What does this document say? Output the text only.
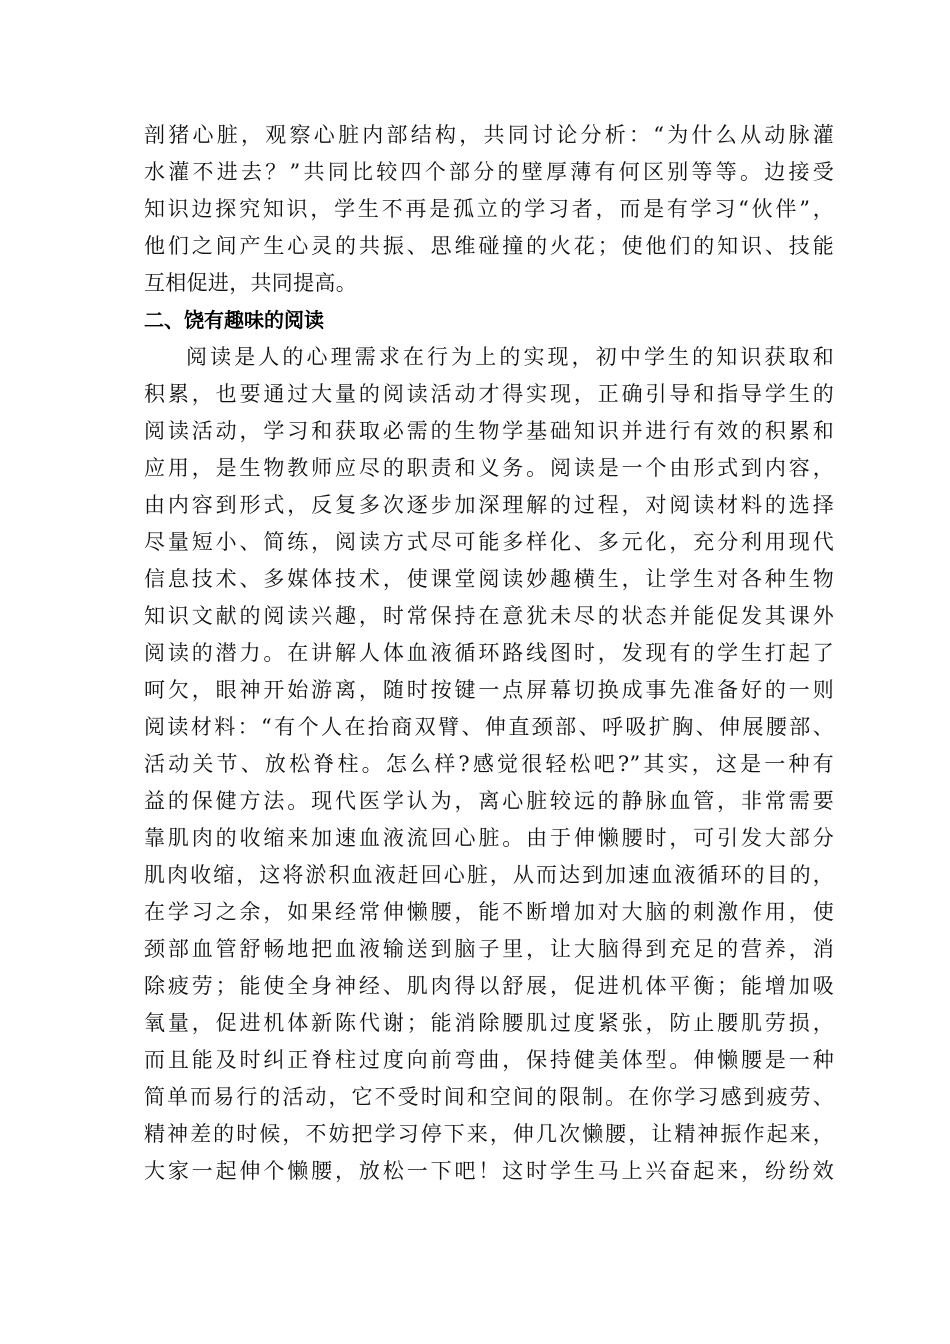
剖猪心脏，观察心脏内部结构，共同讨论分析：“为什么从动脉灌
水灌不进去？”共同比较四个部分的壁厚薄有何区别等等。边接受
知识边探究知识，学生不再是孤立的学习者，而是有学习“伙伴”，
他们之间产生心灵的共振、思维碰撞的火花；使他们的知识、技能
互相促进，共同提高。
二、饶有趣味的阅读
阅读是人的心理需求在行为上的实现，初中学生的知识获取和
积累，也要通过大量的阅读活动才得实现，正确引导和指导学生的
阅读活动，学习和获取必需的生物学基础知识并进行有效的积累和
应用，是生物教师应尽的职责和义务。阅读是一个由形式到内容，
由内容到形式，反复多次逐步加深理解的过程，对阅读材料的选择
尽量短小、简练，阅读方式尽可能多样化、多元化，充分利用现代
信息技术、多媒体技术，使课堂阅读妙趣横生，让学生对各种生物
知识文献的阅读兴趣，时常保持在意犹未尽的状态并能促发其课外
阅读的潜力。在讲解人体血液循环路线图时，发现有的学生打起了
呵欠，眼神开始游离，随时按键一点屏幕切换成事先准备好的一则
阅读材料：“有个人在抬商双臂、伸直颈部、呼吸扩胸、伸展腰部、
活动关节、放松脊柱。怎么样?感觉很轻松吧?”其实，这是一种有
益的保健方法。现代医学认为，离心脏较远的静脉血管，非常需要
靠肌肉的收缩来加速血液流回心脏。由于伸懒腰时，可引发大部分
肌肉收缩，这将淤积血液赶回心脏，从而达到加速血液循环的目的，
在学习之余，如果经常伸懒腰，能不断增加对大脑的刺激作用，使
颈部血管舒畅地把血液输送到脑子里，让大脑得到充足的营养，消
除疲劳；能使全身神经、肌肉得以舒展，促进机体平衡；能增加吸
氧量，促进机体新陈代谢；能消除腰肌过度紧张，防止腰肌劳损，
而且能及时纠正脊柱过度向前弯曲，保持健美体型。伸懒腰是一种
简单而易行的活动，它不受时间和空间的限制。在你学习感到疲劳、
精神差的时候，不妨把学习停下来，伸几次懒腰，让精神振作起来，
大家一起伸个懒腰，放松一下吧！这时学生马上兴奋起来，纷纷效
